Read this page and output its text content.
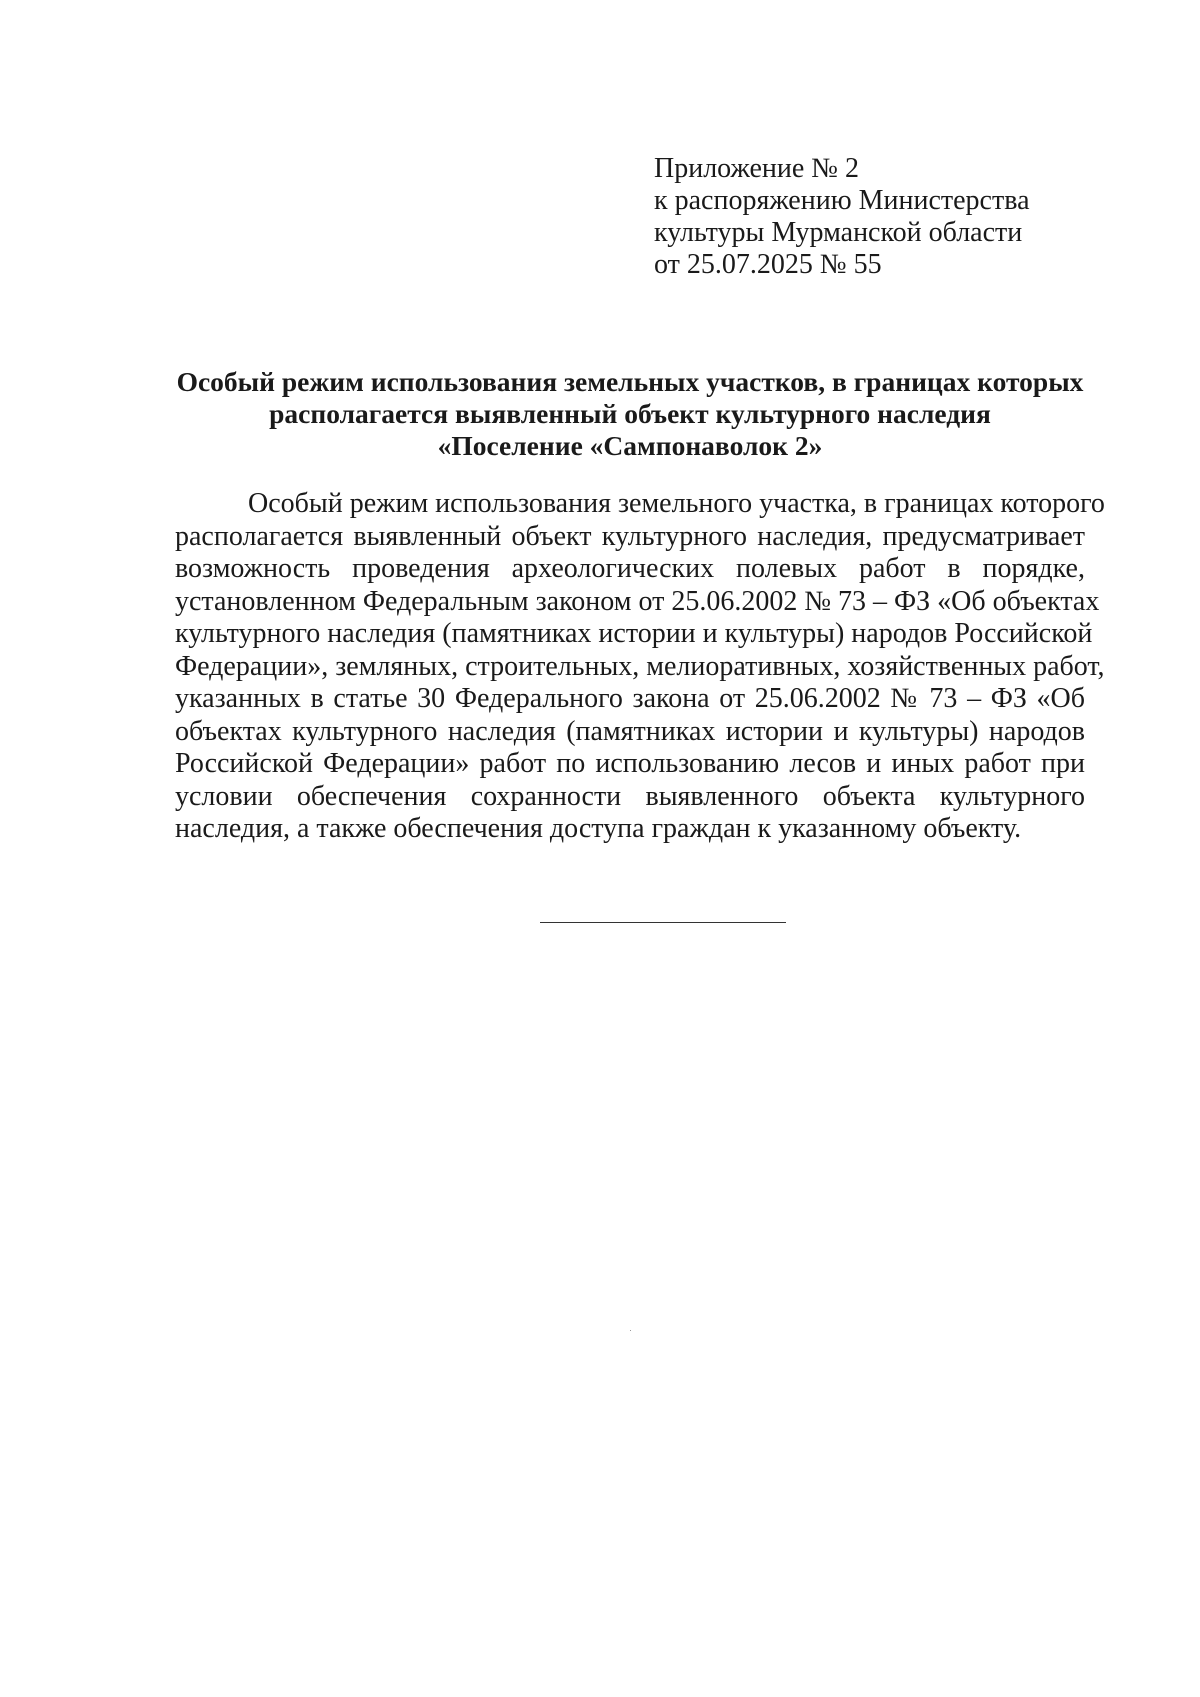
Приложение № 2
к распоряжению Министерства
культуры Мурманской области
от 25.07.2025 № 55
Особый режим использования земельных участков, в границах которых
располагается выявленный объект культурного наследия
«Поселение «Сампонаволок 2»
Особый режим использования земельного участка, в границах которого
располагается выявленный объект культурного наследия, предусматривает
возможность проведения археологических полевых работ в порядке,
установленном Федеральным законом от 25.06.2002 № 73 – ФЗ «Об объектах
культурного наследия (памятниках истории и культуры) народов Российской
Федерации», земляных, строительных, мелиоративных, хозяйственных работ,
указанных в статье 30 Федерального закона от 25.06.2002 № 73 – ФЗ «Об
объектах культурного наследия (памятниках истории и культуры) народов
Российской Федерации» работ по использованию лесов и иных работ при
условии обеспечения сохранности выявленного объекта культурного
наследия, а также обеспечения доступа граждан к указанному объекту.
